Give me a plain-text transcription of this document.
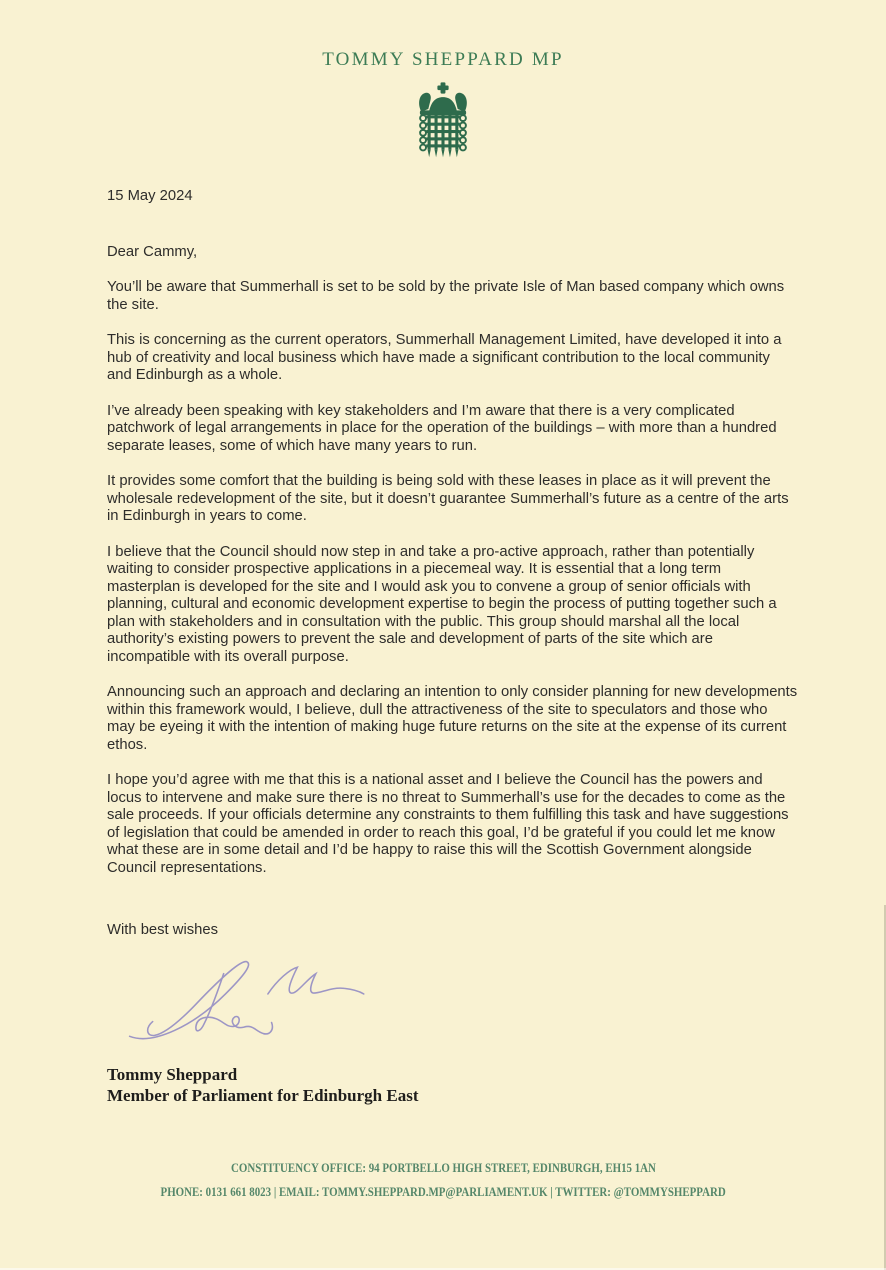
TOMMY SHEPPARD MP
15 May 2024
Dear Cammy,

You’ll be aware that Summerhall is set to be sold by the private Isle of Man based company which owns the site.

This is concerning as the current operators, Summerhall Management Limited, have developed it into a hub of creativity and local business which have made a significant contribution to the local community and Edinburgh as a whole.

I’ve already been speaking with key stakeholders and I’m aware that there is a very complicated patchwork of legal arrangements in place for the operation of the buildings – with more than a hundred separate leases, some of which have many years to run.

It provides some comfort that the building is being sold with these leases in place as it will prevent the wholesale redevelopment of the site, but it doesn’t guarantee Summerhall’s future as a centre of the arts in Edinburgh in years to come.

I believe that the Council should now step in and take a pro-active approach, rather than potentially waiting to consider prospective applications in a piecemeal way. It is essential that a long term masterplan is developed for the site and I would ask you to convene a group of senior officials with planning, cultural and economic development expertise to begin the process of putting together such a plan with stakeholders and in consultation with the public. This group should marshal all the local authority’s existing powers to prevent the sale and development of parts of the site which are incompatible with its overall purpose.

Announcing such an approach and declaring an intention to only consider planning for new developments within this framework would, I believe, dull the attractiveness of the site to speculators and those who may be eyeing it with the intention of making huge future returns on the site at the expense of its current ethos.

I hope you’d agree with me that this is a national asset and I believe the Council has the powers and locus to intervene and make sure there is no threat to Summerhall’s use for the decades to come as the sale proceeds. If your officials determine any constraints to them fulfilling this task and have suggestions of legislation that could be amended in order to reach this goal, I’d be grateful if you could let me know what these are in some detail and I’d be happy to raise this will the Scottish Government alongside Council representations.

With best wishes
Tommy Sheppard
Member of Parliament for Edinburgh East
CONSTITUENCY OFFICE: 94 PORTBELLO HIGH STREET, EDINBURGH, EH15 1AN
PHONE: 0131 661 8023 | EMAIL: TOMMY.SHEPPARD.MP@PARLIAMENT.UK | TWITTER: @TOMMYSHEPPARD
